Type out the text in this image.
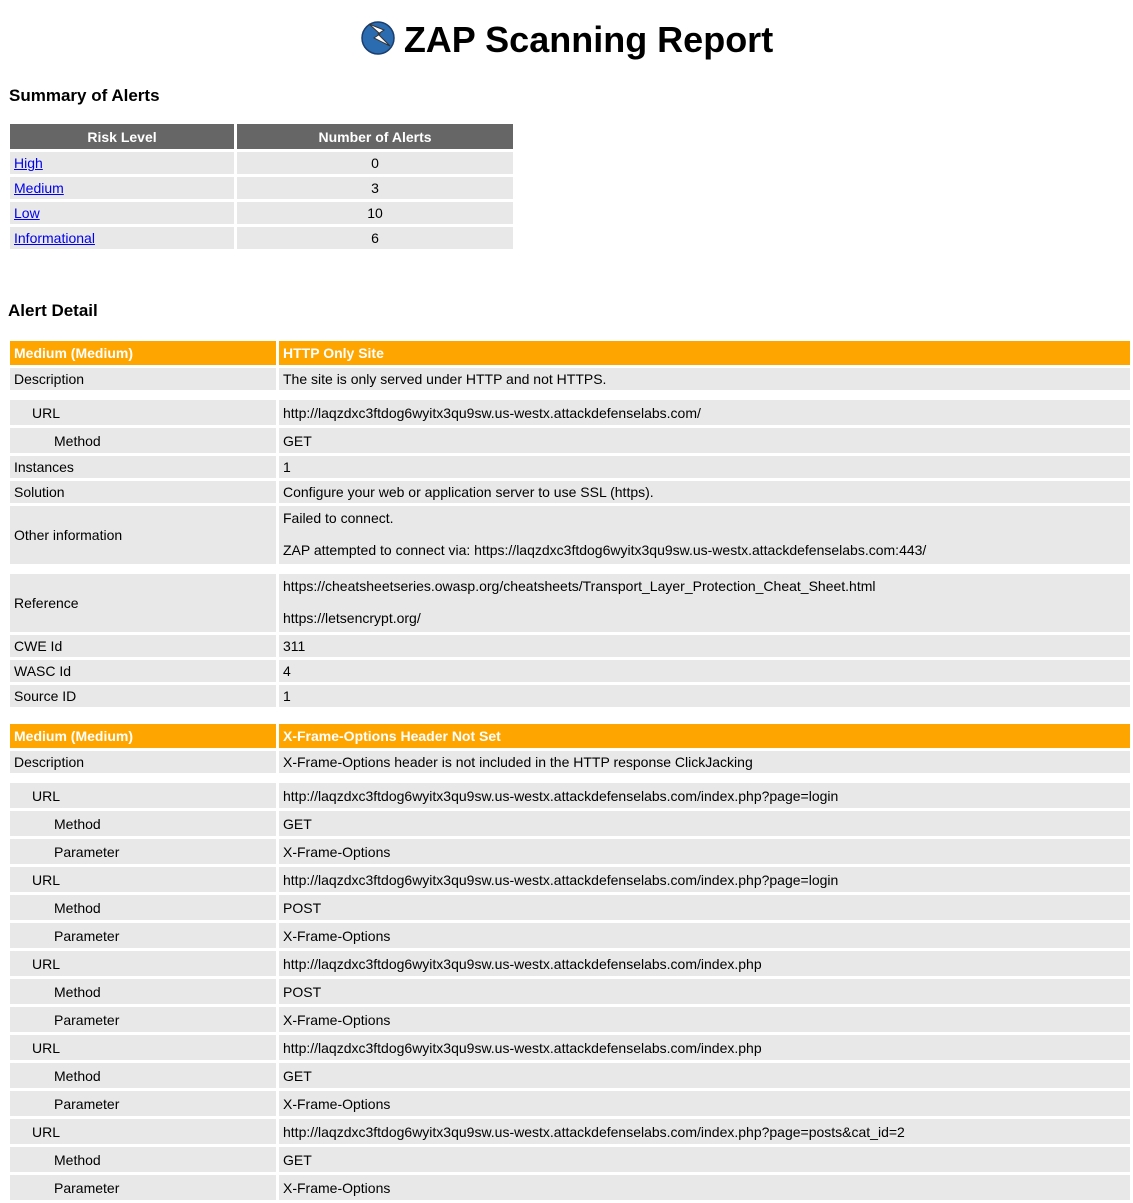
ZAP Scanning Report
Summary of Alerts
Risk Level	Number of Alerts
High	0
Medium	3
Low	10
Informational	6
Alert Detail
Medium (Medium)	HTTP Only Site
Description	The site is only served under HTTP and not HTTPS.

URL	http://laqzdxc3ftdog6wyitx3qu9sw.us-westx.attackdefenselabs.com/
Method	GET
Instances	1
Solution	Configure your web or application server to use SSL (https).
Other information	Failed to connect.

ZAP attempted to connect via: https://laqzdxc3ftdog6wyitx3qu9sw.us-westx.attackdefenselabs.com:443/

Reference	https://cheatsheetseries.owasp.org/cheatsheets/Transport_Layer_Protection_Cheat_Sheet.html

https://letsencrypt.org/

CWE Id	311
WASC Id	4
Source ID	1
Medium (Medium)	X-Frame-Options Header Not Set
Description	X-Frame-Options header is not included in the HTTP response ClickJacking

URL	http://laqzdxc3ftdog6wyitx3qu9sw.us-westx.attackdefenselabs.com/index.php?page=login
Method	GET
Parameter	X-Frame-Options
URL	http://laqzdxc3ftdog6wyitx3qu9sw.us-westx.attackdefenselabs.com/index.php?page=login
Method	POST
Parameter	X-Frame-Options
URL	http://laqzdxc3ftdog6wyitx3qu9sw.us-westx.attackdefenselabs.com/index.php
Method	POST
Parameter	X-Frame-Options
URL	http://laqzdxc3ftdog6wyitx3qu9sw.us-westx.attackdefenselabs.com/index.php
Method	GET
Parameter	X-Frame-Options
URL	http://laqzdxc3ftdog6wyitx3qu9sw.us-westx.attackdefenselabs.com/index.php?page=posts&cat_id=2
Method	GET
Parameter	X-Frame-Options
